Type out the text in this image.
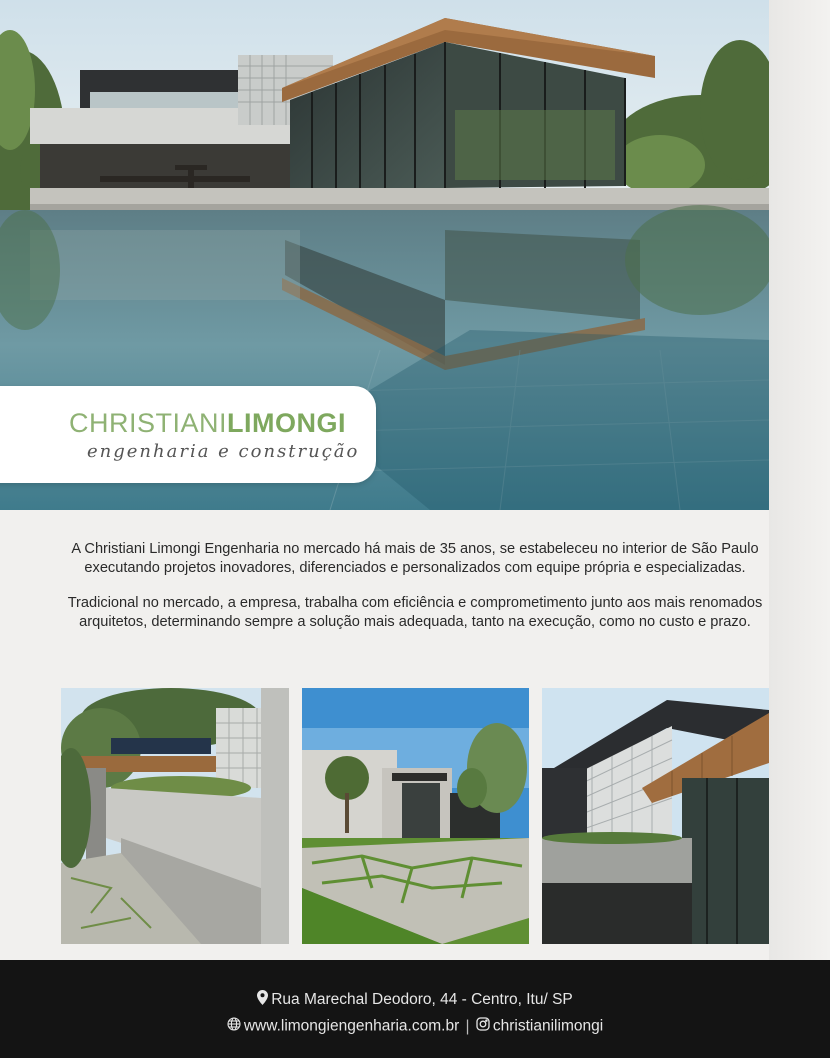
CHRISTIANILIMONGI
engenharia e construção

A Christiani Limongi Engenharia no mercado há mais de 35 anos, se estabeleceu no interior de São Paulo executando projetos inovadores, diferenciados e personalizados com equipe própria e especializadas.

Tradicional no mercado, a empresa, trabalha com eficiência e comprometimento junto aos mais renomados arquitetos, determinando sempre a solução mais adequada, tanto na execução, como no custo e prazo.

Rua Marechal Deodoro, 44 - Centro, Itu/ SP
www.limongiengenharia.com.br | christianilimongi
